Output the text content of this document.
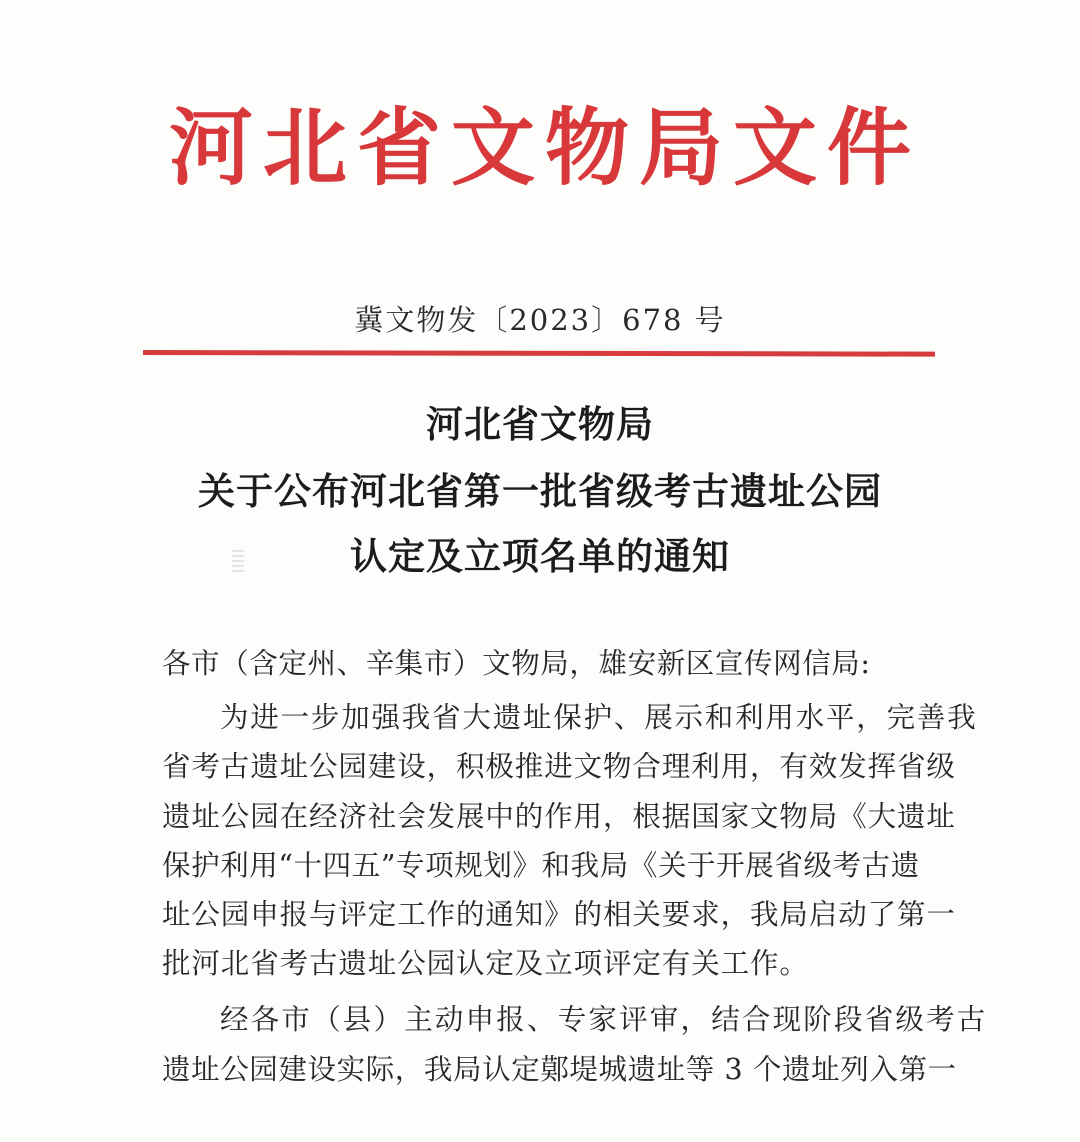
河北省文物局文件
冀文物发〔2023〕678 号
河北省文物局
关于公布河北省第一批省级考古遗址公园
认定及立项名单的通知
各市（含定州、辛集市）文物局，雄安新区宣传网信局:
为进一步加强我省大遗址保护、展示和利用水平，完善我
省考古遗址公园建设，积极推进文物合理利用，有效发挥省级
遗址公园在经济社会发展中的作用，根据国家文物局《大遗址
保护利用“十四五”专项规划》和我局《关于开展省级考古遗
址公园申报与评定工作的通知》的相关要求，我局启动了第一
批河北省考古遗址公园认定及立项评定有关工作。
经各市（县）主动申报、专家评审，结合现阶段省级考古
遗址公园建设实际，我局认定鄚堤城遗址等 3 个遗址列入第一
